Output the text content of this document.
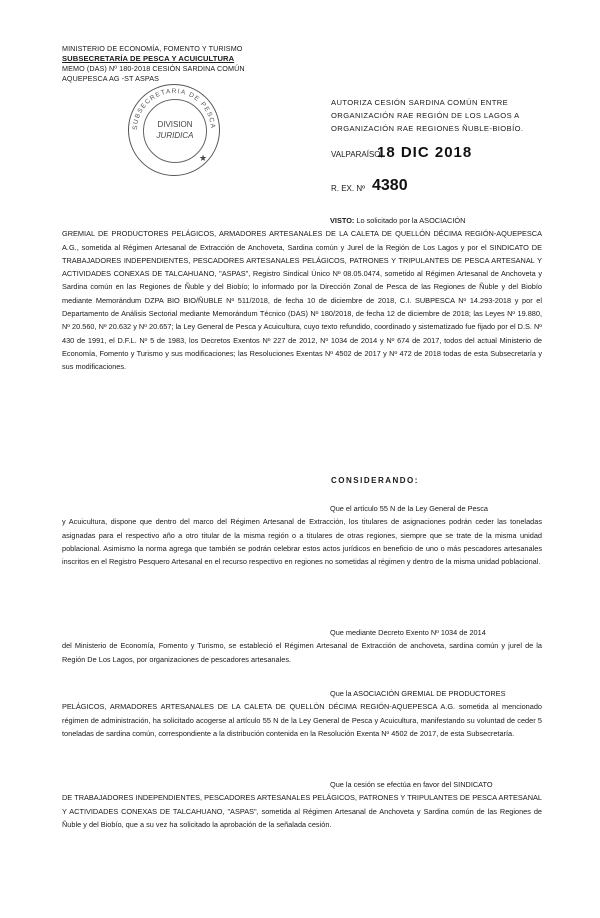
MINISTERIO DE ECONOMÍA, FOMENTO Y TURISMO
SUBSECRETARÍA DE PESCA Y ACUICULTURA
MEMO (DAS) Nº 180-2018 CESIÓN SARDINA COMÚN
AQUEPESCA AG -ST ASPAS
SUBSECRETARIA DE PESCA
DIVISION
JURIDICA
★
AUTORIZA CESIÓN SARDINA COMÚN ENTRE
ORGANIZACIÓN RAE REGIÓN DE LOS LAGOS A
ORGANIZACIÓN RAE REGIONES ÑUBLE-BIOBÍO.
VALPARAÍSO,
18 DIC 2018
R. EX. Nº 4380

VISTO: Lo solicitado por la ASOCIACIÓN

GREMIAL DE PRODUCTORES PELÁGICOS, ARMADORES ARTESANALES DE LA CALETA DE QUELLÓN DÉCIMA REGIÓN-AQUEPESCA A.G., sometida al Régimen Artesanal de Extracción de Anchoveta, Sardina común y Jurel de la Región de Los Lagos y por el SINDICATO DE TRABAJADORES INDEPENDIENTES, PESCADORES ARTESANALES PELÁGICOS, PATRONES Y TRIPULANTES DE PESCA ARTESANAL Y ACTIVIDADES CONEXAS DE TALCAHUANO, "ASPAS", Registro Sindical Único Nº 08.05.0474, sometido al Régimen Artesanal de Anchoveta y Sardina común en las Regiones de Ñuble y del Biobío; lo informado por la Dirección Zonal de Pesca de las Regiones de Ñuble y del Biobío mediante Memorándum DZPA BIO BIO/ÑUBLE Nº 511/2018, de fecha 10 de diciembre de 2018, C.I. SUBPESCA Nº 14.293-2018 y por el Departamento de Análisis Sectorial mediante Memorándum Técnico (DAS) Nº 180/2018, de fecha 12 de diciembre de 2018; las Leyes Nº 19.880, Nº 20.560, Nº 20.632 y Nº 20.657; la Ley General de Pesca y Acuicultura, cuyo texto refundido, coordinado y sistematizado fue fijado por el D.S. Nº 430 de 1991, el D.F.L. Nº 5 de 1983, los Decretos Exentos Nº 227 de 2012, Nº 1034 de 2014 y Nº 674 de 2017, todos del actual Ministerio de Economía, Fomento y Turismo y sus modificaciones; las Resoluciones Exentas Nº 4502 de 2017 y Nº 472 de 2018 todas de esta Subsecretaría y sus modificaciones.

CONSIDERANDO:

Que el artículo 55 N de la Ley General de Pesca

y Acuicultura, dispone que dentro del marco del Régimen Artesanal de Extracción, los titulares de asignaciones podrán ceder las toneladas asignadas para el respectivo año a otro titular de la misma región o a titulares de otras regiones, siempre que se trate de la misma unidad poblacional. Asimismo la norma agrega que también se podrán celebrar estos actos jurídicos en beneficio de uno o más pescadores artesanales inscritos en el Registro Pesquero Artesanal en el recurso respectivo en regiones no sometidas al régimen y dentro de la misma unidad poblacional.

Que mediante Decreto Exento Nº 1034 de 2014

del Ministerio de Economía, Fomento y Turismo, se estableció el Régimen Artesanal de Extracción de anchoveta, sardina común y jurel de la Región De Los Lagos, por organizaciones de pescadores artesanales.

Que la ASOCIACIÓN GREMIAL DE PRODUCTORES

PELÁGICOS, ARMADORES ARTESANALES DE LA CALETA DE QUELLÓN DÉCIMA REGIÓN-AQUEPESCA A.G. sometida al mencionado régimen de administración, ha solicitado acogerse al artículo 55 N de la Ley General de Pesca y Acuicultura, manifestando su voluntad de ceder 5 toneladas de sardina común, correspondiente a la distribución contenida en la Resolución Exenta Nº 4502 de 2017, de esta Subsecretaría.

Que la cesión se efectúa en favor del SINDICATO

DE TRABAJADORES INDEPENDIENTES, PESCADORES ARTESANALES PELÁGICOS, PATRONES Y TRIPULANTES DE PESCA ARTESANAL Y ACTIVIDADES CONEXAS DE TALCAHUANO, "ASPAS", sometida al Régimen Artesanal de Anchoveta y Sardina común de las Regiones de Ñuble y del Biobío, que a su vez ha solicitado la aprobación de la señalada cesión.
